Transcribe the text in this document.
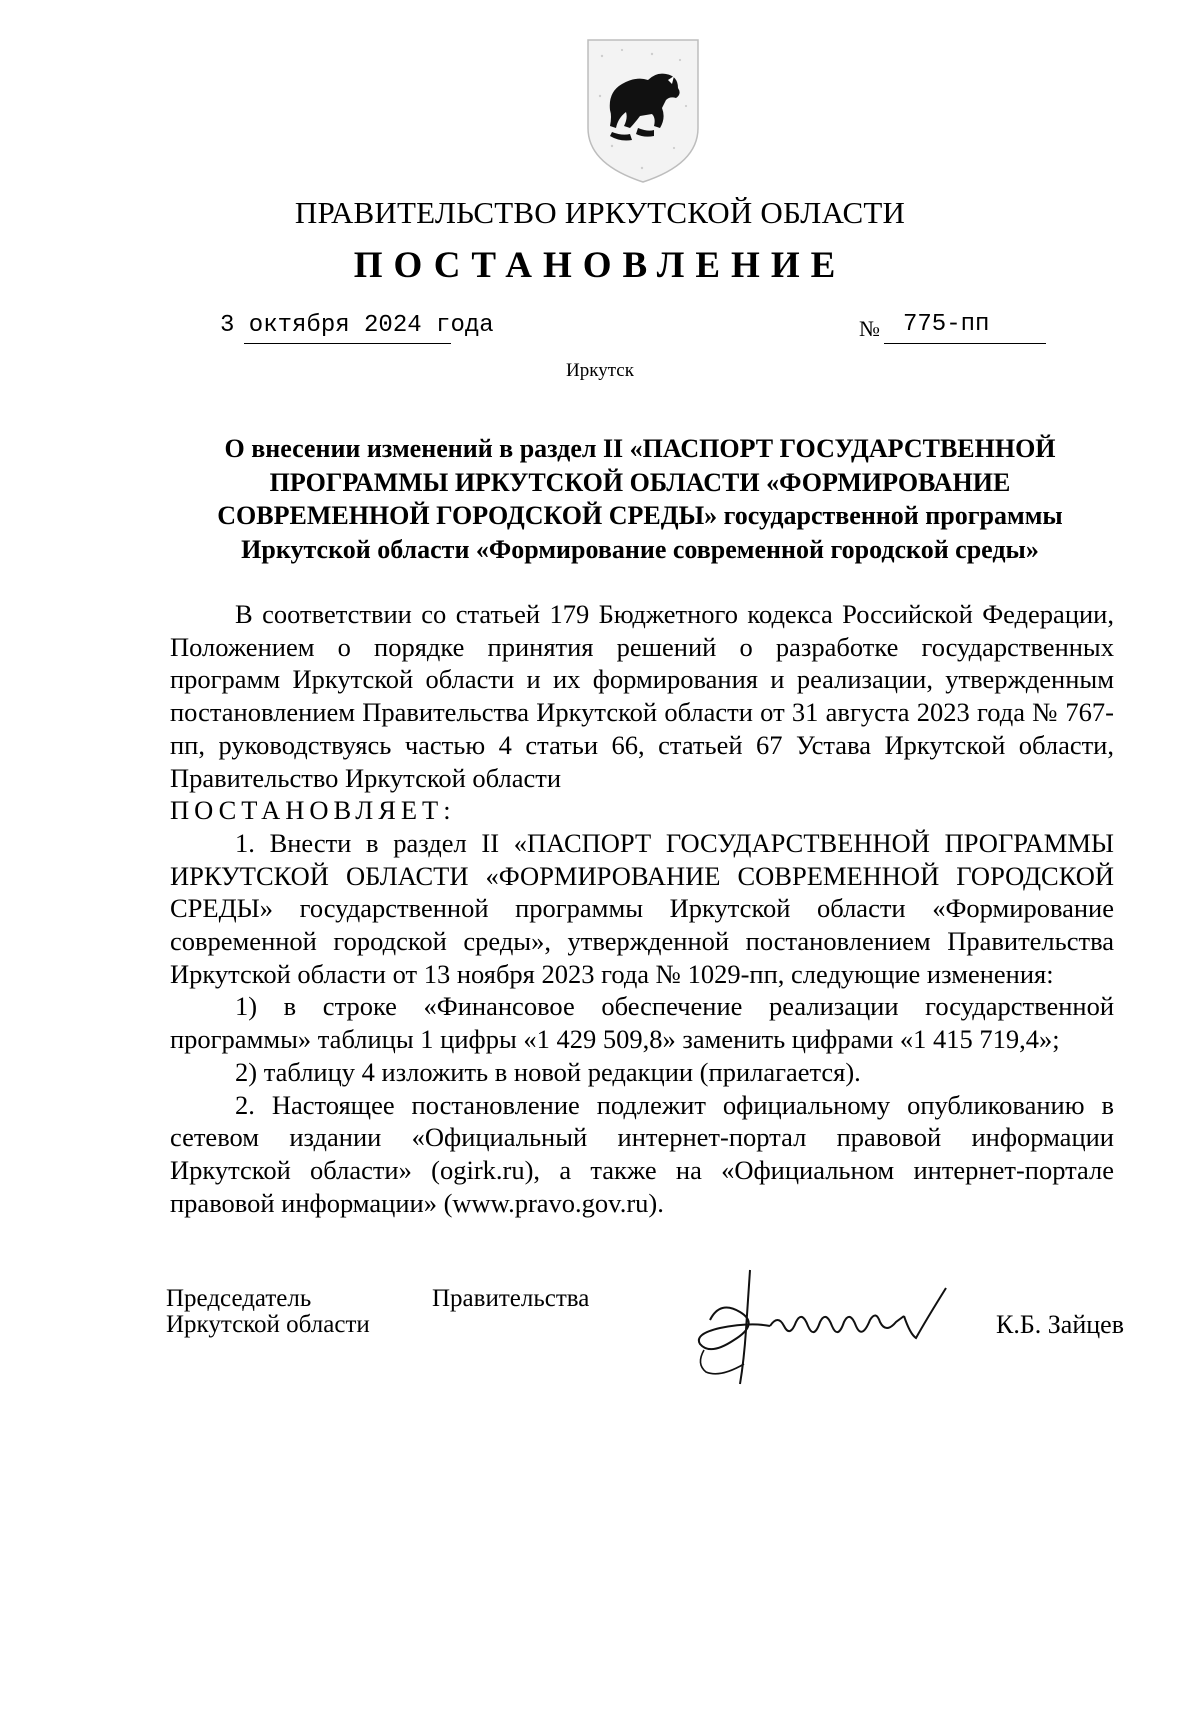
ПРАВИТЕЛЬСТВО ИРКУТСКОЙ ОБЛАСТИ
ПОСТАНОВЛЕНИЕ
3 октября 2024 года	№ 775-пп
Иркутск
О внесении изменений в раздел II «ПАСПОРТ ГОСУДАРСТВЕННОЙ ПРОГРАММЫ ИРКУТСКОЙ ОБЛАСТИ «ФОРМИРОВАНИЕ СОВРЕМЕННОЙ ГОРОДСКОЙ СРЕДЫ» государственной программы Иркутской области «Формирование современной городской среды»

В соответствии со статьей 179 Бюджетного кодекса Российской Федерации, Положением о порядке принятия решений о разработке государственных программ Иркутской области и их формирования и реализации, утвержденным постановлением Правительства Иркутской области от 31 августа 2023 года № 767-пп, руководствуясь частью 4 статьи 66, статьей 67 Устава Иркутской области, Правительство Иркутской области

ПОСТАНОВЛЯЕТ:

1. Внести в раздел II «ПАСПОРТ ГОСУДАРСТВЕННОЙ ПРОГРАММЫ ИРКУТСКОЙ ОБЛАСТИ «ФОРМИРОВАНИЕ СОВРЕМЕННОЙ ГОРОДСКОЙ СРЕДЫ» государственной программы Иркутской области «Формирование современной городской среды», утвержденной постановлением Правительства Иркутской области от 13 ноября 2023 года № 1029-пп, следующие изменения:

1) в строке «Финансовое обеспечение реализации государственной программы» таблицы 1 цифры «1 429 509,8» заменить цифрами «1 415 719,4»;

2) таблицу 4 изложить в новой редакции (прилагается).

2. Настоящее постановление подлежит официальному опубликованию в сетевом издании «Официальный интернет-портал правовой информации Иркутской области» (ogirk.ru), а также на «Официальном интернет-портале правовой информации» (www.pravo.gov.ru).

Председатель
Иркутской области
Правительства
К.Б. Зайцев
